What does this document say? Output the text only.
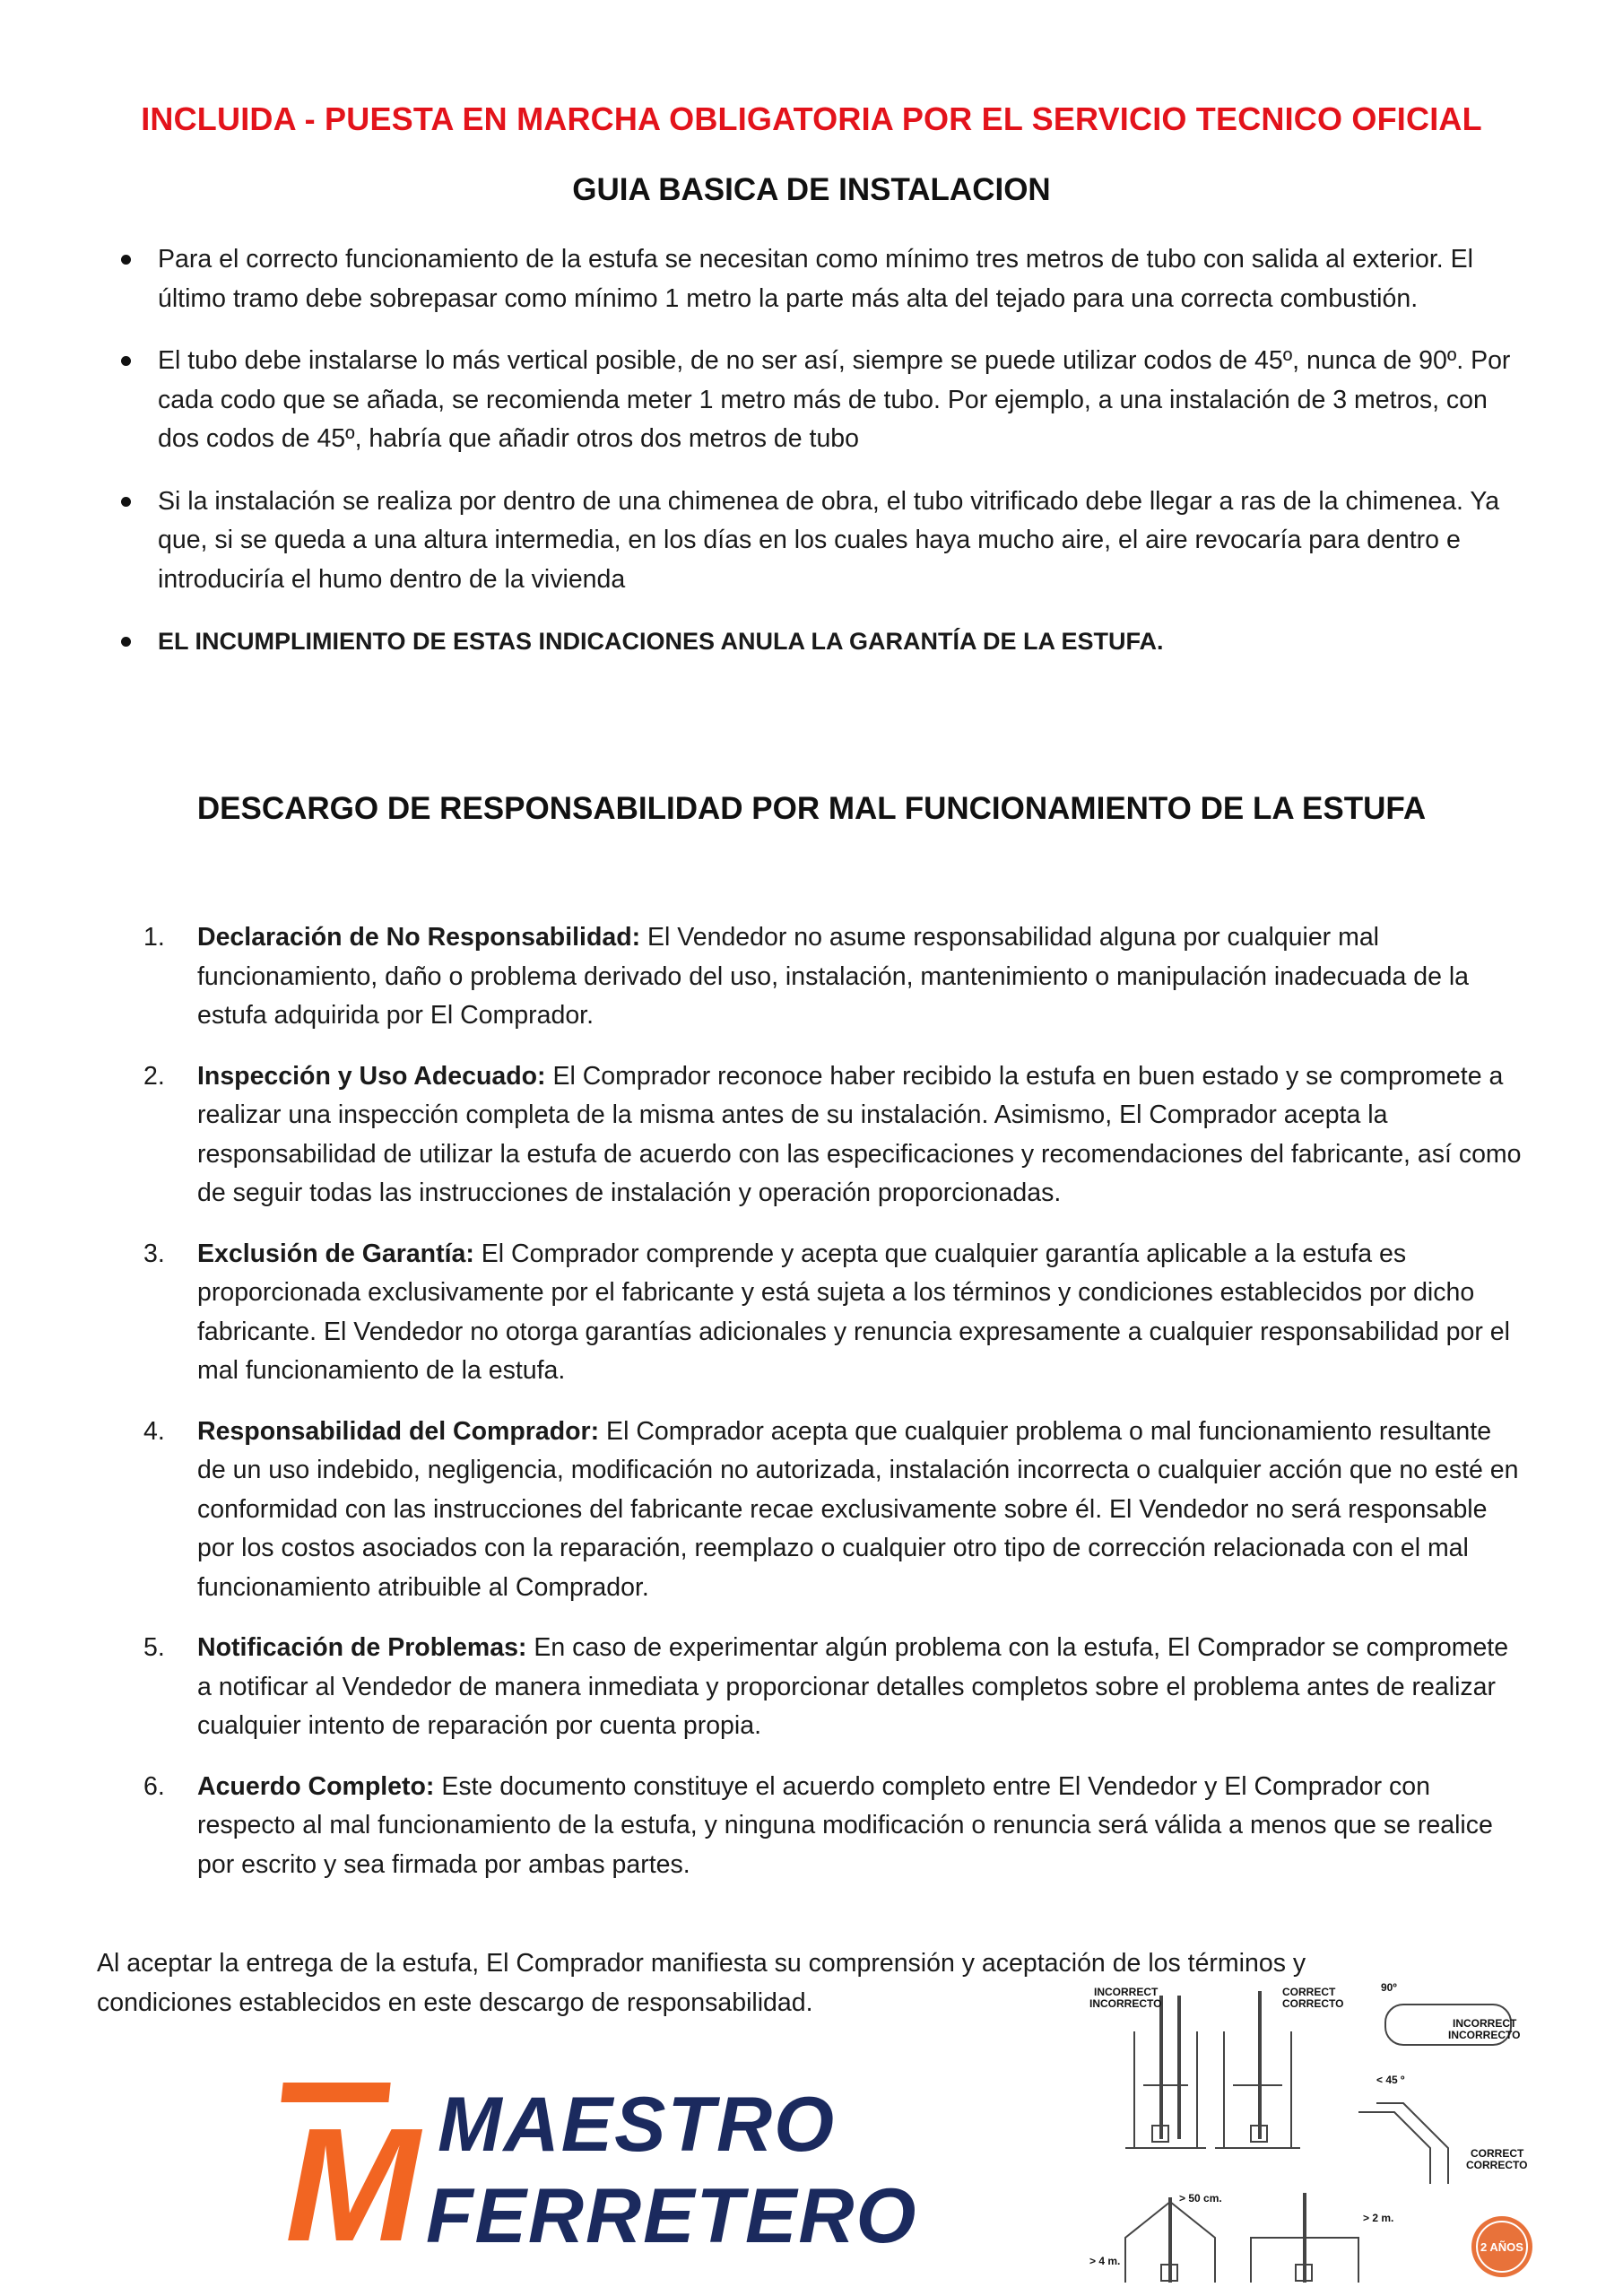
INCLUIDA - PUESTA EN MARCHA OBLIGATORIA POR EL SERVICIO TECNICO OFICIAL
GUIA BASICA DE INSTALACION
Para el correcto funcionamiento de la estufa se necesitan como mínimo tres metros de tubo con salida al exterior. El último tramo debe sobrepasar como mínimo 1 metro la parte más alta del tejado para una correcta combustión.
El tubo debe instalarse lo más vertical posible, de no ser así, siempre se puede utilizar codos de 45º, nunca de 90º. Por cada codo que se añada, se recomienda meter 1 metro más de tubo. Por ejemplo, a una instalación de 3 metros, con dos codos de 45º, habría que añadir otros dos metros de tubo
Si la instalación se realiza por dentro de una chimenea de obra, el tubo vitrificado debe llegar a ras de la chimenea. Ya que, si se queda a una altura intermedia, en los días en los cuales haya mucho aire, el aire revocaría para dentro e introduciría el humo dentro de la vivienda
EL INCUMPLIMIENTO DE ESTAS INDICACIONES ANULA LA GARANTÍA DE LA ESTUFA.
DESCARGO DE RESPONSABILIDAD POR MAL FUNCIONAMIENTO DE LA ESTUFA
1. Declaración de No Responsabilidad: El Vendedor no asume responsabilidad alguna por cualquier mal funcionamiento, daño o problema derivado del uso, instalación, mantenimiento o manipulación inadecuada de la estufa adquirida por El Comprador.
2. Inspección y Uso Adecuado: El Comprador reconoce haber recibido la estufa en buen estado y se compromete a realizar una inspección completa de la misma antes de su instalación. Asimismo, El Comprador acepta la responsabilidad de utilizar la estufa de acuerdo con las especificaciones y recomendaciones del fabricante, así como de seguir todas las instrucciones de instalación y operación proporcionadas.
3. Exclusión de Garantía: El Comprador comprende y acepta que cualquier garantía aplicable a la estufa es proporcionada exclusivamente por el fabricante y está sujeta a los términos y condiciones establecidos por dicho fabricante. El Vendedor no otorga garantías adicionales y renuncia expresamente a cualquier responsabilidad por el mal funcionamiento de la estufa.
4. Responsabilidad del Comprador: El Comprador acepta que cualquier problema o mal funcionamiento resultante de un uso indebido, negligencia, modificación no autorizada, instalación incorrecta o cualquier acción que no esté en conformidad con las instrucciones del fabricante recae exclusivamente sobre él. El Vendedor no será responsable por los costos asociados con la reparación, reemplazo o cualquier otro tipo de corrección relacionada con el mal funcionamiento atribuible al Comprador.
5. Notificación de Problemas: En caso de experimentar algún problema con la estufa, El Comprador se compromete a notificar al Vendedor de manera inmediata y proporcionar detalles completos sobre el problema antes de realizar cualquier intento de reparación por cuenta propia.
6. Acuerdo Completo: Este documento constituye el acuerdo completo entre El Vendedor y El Comprador con respecto al mal funcionamiento de la estufa, y ninguna modificación o renuncia será válida a menos que se realice por escrito y sea firmada por ambas partes.
Al aceptar la entrega de la estufa, El Comprador manifiesta su comprensión y aceptación de los términos y condiciones establecidos en este descargo de responsabilidad.
M MAESTRO
FERRETERO
INCORRECT
INCORRECTO
CORRECT
CORRECTO
90º
INCORRECT
INCORRECTO
< 45 º
CORRECT
CORRECTO
> 50 cm.
> 2 m.
> 4 m.
2 AÑOS
